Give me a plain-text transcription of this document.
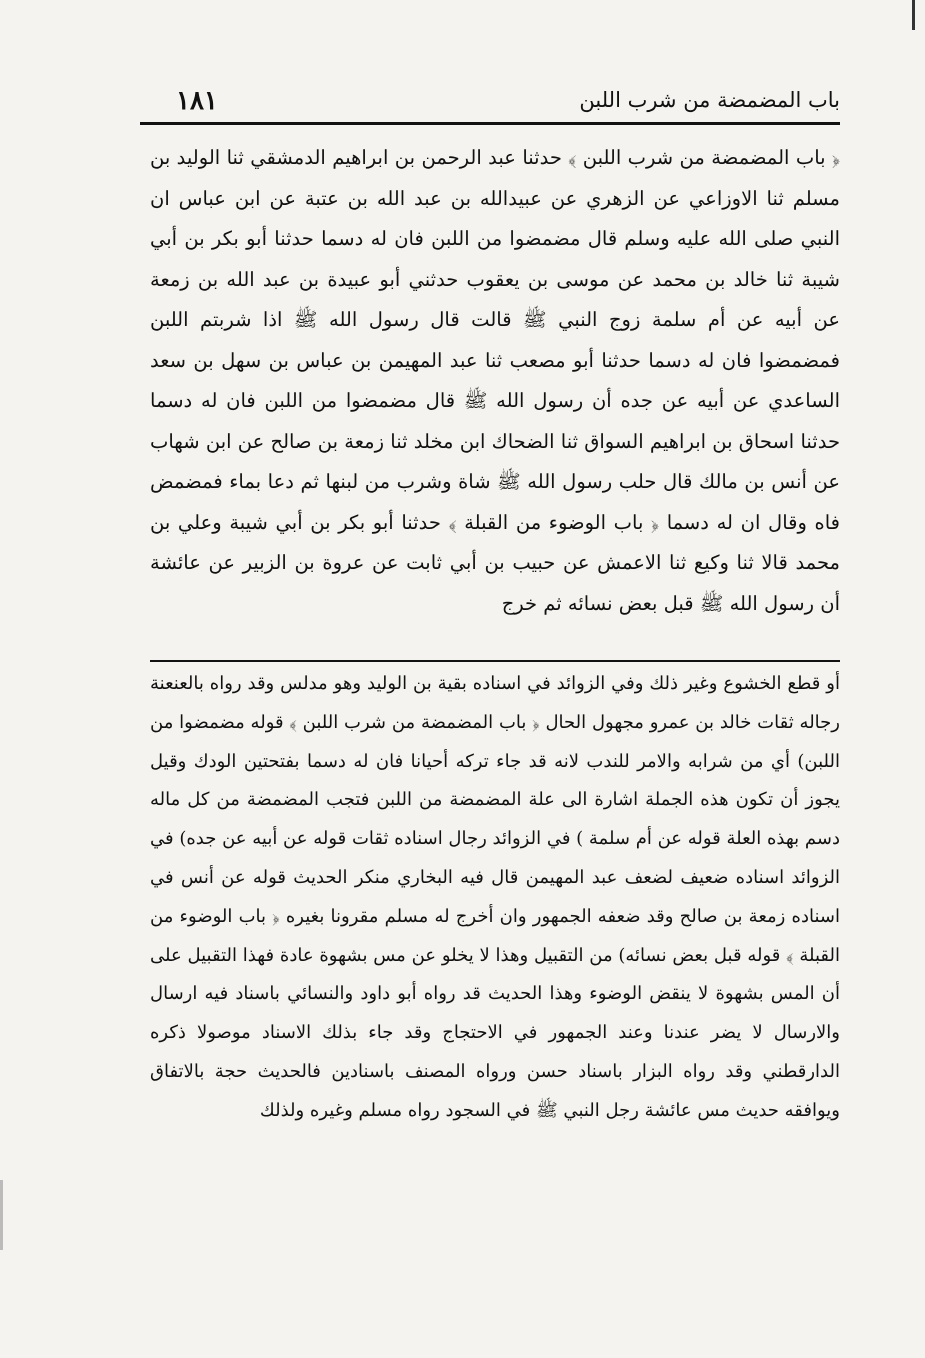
١٨١	باب المضمضة من شرب اللبن

﴿ باب المضمضة من شرب اللبن ﴾ حدثنا عبد الرحمن بن ابراهيم الدمشقي ثنا الوليد بن مسلم ثنا الاوزاعي عن الزهري عن عبيدالله بن عبد الله بن عتبة عن ابن عباس ان النبي صلى الله عليه وسلم قال مضمضوا من اللبن فان له دسما حدثنا أبو بكر بن أبي شيبة ثنا خالد بن محمد عن موسى بن يعقوب حدثني أبو عبيدة بن عبد الله بن زمعة عن أبيه عن أم سلمة زوج النبي ﷺ قالت قال رسول الله ﷺ اذا شربتم اللبن فمضمضوا فان له دسما حدثنا أبو مصعب ثنا عبد المهيمن بن عباس بن سهل بن سعد الساعدي عن أبيه عن جده أن رسول الله ﷺ قال مضمضوا من اللبن فان له دسما حدثنا اسحاق بن ابراهيم السواق ثنا الضحاك ابن مخلد ثنا زمعة بن صالح عن ابن شهاب عن أنس بن مالك قال حلب رسول الله ﷺ شاة وشرب من لبنها ثم دعا بماء فمضمض فاه وقال ان له دسما ﴿ باب الوضوء من القبلة ﴾ حدثنا أبو بكر بن أبي شيبة وعلي بن محمد قالا ثنا وكيع ثنا الاعمش عن حبيب بن أبي ثابت عن عروة بن الزبير عن عائشة أن رسول الله ﷺ قبل بعض نسائه ثم خرج

أو قطع الخشوع وغير ذلك وفي الزوائد في اسناده بقية بن الوليد وهو مدلس وقد رواه بالعنعنة رجاله ثقات خالد بن عمرو مجهول الحال ﴿ باب المضمضة من شرب اللبن ﴾ قوله مضمضوا من اللبن) أي من شرابه والامر للندب لانه قد جاء تركه أحيانا فان له دسما بفتحتين الودك وقيل يجوز أن تكون هذه الجملة اشارة الى علة المضمضة من اللبن فتجب المضمضة من كل ماله دسم بهذه العلة قوله عن أم سلمة ) في الزوائد رجال اسناده ثقات قوله عن أبيه عن جده) في الزوائد اسناده ضعيف لضعف عبد المهيمن قال فيه البخاري منكر الحديث قوله عن أنس في اسناده زمعة بن صالح وقد ضعفه الجمهور وان أخرج له مسلم مقرونا بغيره ﴿ باب الوضوء من القبلة ﴾ قوله قبل بعض نسائه) من التقبيل وهذا لا يخلو عن مس بشهوة عادة فهذا التقبيل على أن المس بشهوة لا ينقض الوضوء وهذا الحديث قد رواه أبو داود والنسائي باسناد فيه ارسال والارسال لا يضر عندنا وعند الجمهور في الاحتجاج وقد جاء بذلك الاسناد موصولا ذكره الدارقطني وقد رواه البزار باسناد حسن ورواه المصنف باسنادين فالحديث حجة بالاتفاق ويوافقه حديث مس عائشة رجل النبي ﷺ في السجود رواه مسلم وغيره ولذلك
